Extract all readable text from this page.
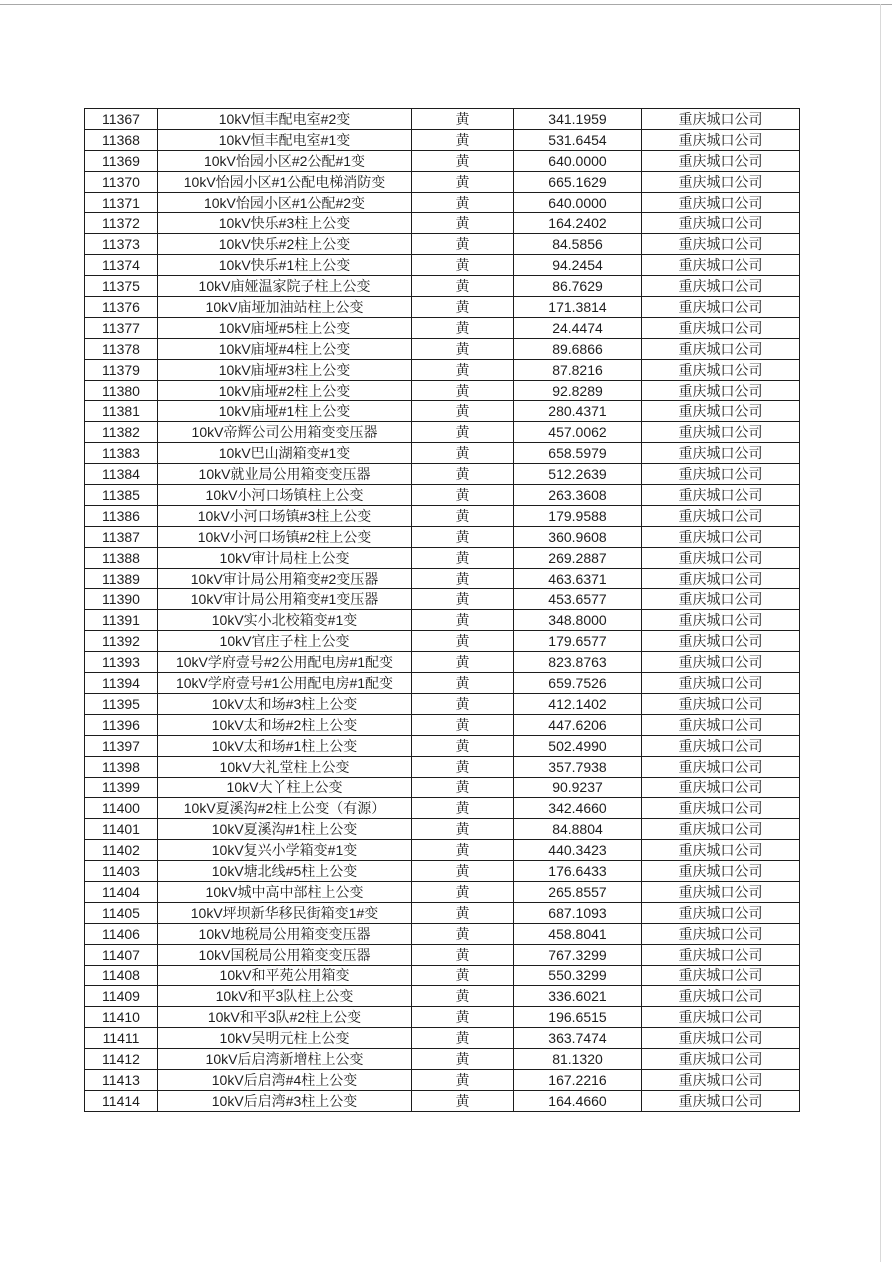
11367	10kV恒丰配电室#2变	黄	341.1959	重庆城口公司
11368	10kV恒丰配电室#1变	黄	531.6454	重庆城口公司
11369	10kV怡园小区#2公配#1变	黄	640.0000	重庆城口公司
11370	10kV怡园小区#1公配电梯消防变	黄	665.1629	重庆城口公司
11371	10kV怡园小区#1公配#2变	黄	640.0000	重庆城口公司
11372	10kV快乐#3柱上公变	黄	164.2402	重庆城口公司
11373	10kV快乐#2柱上公变	黄	84.5856	重庆城口公司
11374	10kV快乐#1柱上公变	黄	94.2454	重庆城口公司
11375	10kV庙娅温家院子柱上公变	黄	86.7629	重庆城口公司
11376	10kV庙垭加油站柱上公变	黄	171.3814	重庆城口公司
11377	10kV庙垭#5柱上公变	黄	24.4474	重庆城口公司
11378	10kV庙垭#4柱上公变	黄	89.6866	重庆城口公司
11379	10kV庙垭#3柱上公变	黄	87.8216	重庆城口公司
11380	10kV庙垭#2柱上公变	黄	92.8289	重庆城口公司
11381	10kV庙垭#1柱上公变	黄	280.4371	重庆城口公司
11382	10kV帝辉公司公用箱变变压器	黄	457.0062	重庆城口公司
11383	10kV巴山湖箱变#1变	黄	658.5979	重庆城口公司
11384	10kV就业局公用箱变变压器	黄	512.2639	重庆城口公司
11385	10kV小河口场镇柱上公变	黄	263.3608	重庆城口公司
11386	10kV小河口场镇#3柱上公变	黄	179.9588	重庆城口公司
11387	10kV小河口场镇#2柱上公变	黄	360.9608	重庆城口公司
11388	10kV审计局柱上公变	黄	269.2887	重庆城口公司
11389	10kV审计局公用箱变#2变压器	黄	463.6371	重庆城口公司
11390	10kV审计局公用箱变#1变压器	黄	453.6577	重庆城口公司
11391	10kV实小北校箱变#1变	黄	348.8000	重庆城口公司
11392	10kV官庄子柱上公变	黄	179.6577	重庆城口公司
11393	10kV学府壹号#2公用配电房#1配变	黄	823.8763	重庆城口公司
11394	10kV学府壹号#1公用配电房#1配变	黄	659.7526	重庆城口公司
11395	10kV太和场#3柱上公变	黄	412.1402	重庆城口公司
11396	10kV太和场#2柱上公变	黄	447.6206	重庆城口公司
11397	10kV太和场#1柱上公变	黄	502.4990	重庆城口公司
11398	10kV大礼堂柱上公变	黄	357.7938	重庆城口公司
11399	10kV大丫柱上公变	黄	90.9237	重庆城口公司
11400	10kV夏溪沟#2柱上公变（有源）	黄	342.4660	重庆城口公司
11401	10kV夏溪沟#1柱上公变	黄	84.8804	重庆城口公司
11402	10kV复兴小学箱变#1变	黄	440.3423	重庆城口公司
11403	10kV塘北线#5柱上公变	黄	176.6433	重庆城口公司
11404	10kV城中高中部柱上公变	黄	265.8557	重庆城口公司
11405	10kV坪坝新华移民街箱变1#变	黄	687.1093	重庆城口公司
11406	10kV地税局公用箱变变压器	黄	458.8041	重庆城口公司
11407	10kV国税局公用箱变变压器	黄	767.3299	重庆城口公司
11408	10kV和平苑公用箱变	黄	550.3299	重庆城口公司
11409	10kV和平3队柱上公变	黄	336.6021	重庆城口公司
11410	10kV和平3队#2柱上公变	黄	196.6515	重庆城口公司
11411	10kV吴明元柱上公变	黄	363.7474	重庆城口公司
11412	10kV后启湾新增柱上公变	黄	81.1320	重庆城口公司
11413	10kV后启湾#4柱上公变	黄	167.2216	重庆城口公司
11414	10kV后启湾#3柱上公变	黄	164.4660	重庆城口公司
